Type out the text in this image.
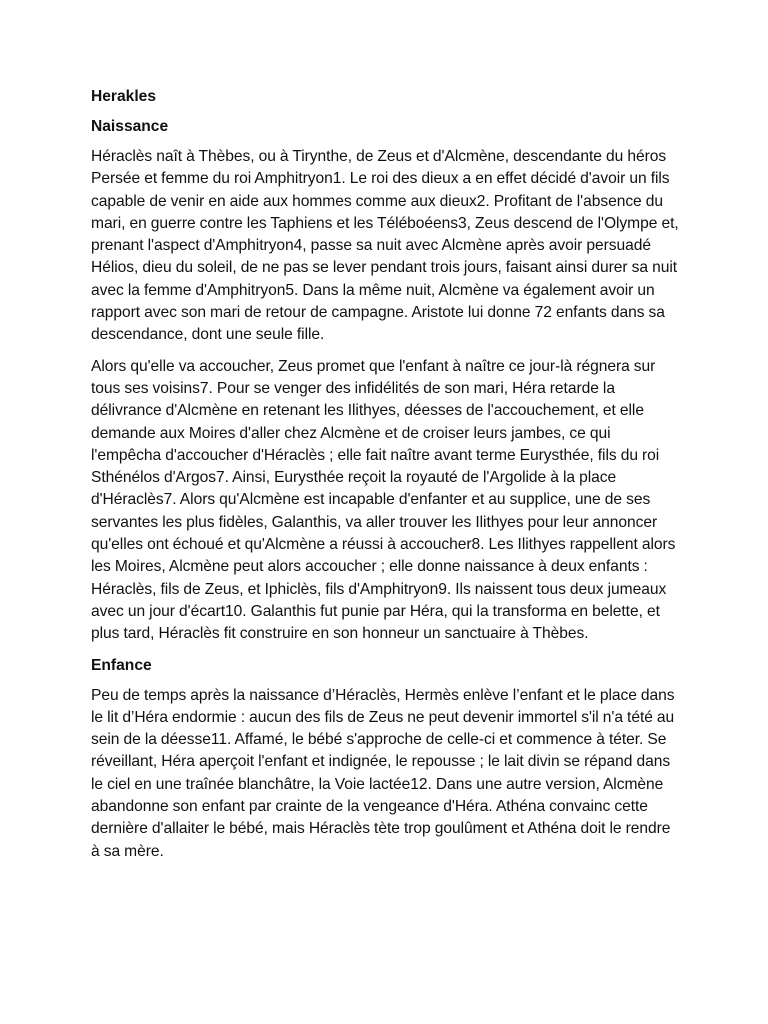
Herakles
Naissance

Héraclès naît à Thèbes, ou à Tirynthe, de Zeus et d'Alcmène, descendante du héros Persée et femme du roi Amphitryon1. Le roi des dieux a en effet décidé d'avoir un fils capable de venir en aide aux hommes comme aux dieux2. Profitant de l'absence du mari, en guerre contre les Taphiens et les Téléboéens3, Zeus descend de l'Olympe et, prenant l'aspect d'Amphitryon4, passe sa nuit avec Alcmène après avoir persuadé Hélios, dieu du soleil, de ne pas se lever pendant trois jours, faisant ainsi durer sa nuit avec la femme d'Amphitryon5. Dans la même nuit, Alcmène va également avoir un rapport avec son mari de retour de campagne. Aristote lui donne 72 enfants dans sa descendance, dont une seule fille.

Alors qu'elle va accoucher, Zeus promet que l'enfant à naître ce jour-là régnera sur tous ses voisins7. Pour se venger des infidélités de son mari, Héra retarde la délivrance d'Alcmène en retenant les Ilithyes, déesses de l'accouchement, et elle demande aux Moires d'aller chez Alcmène et de croiser leurs jambes, ce qui l'empêcha d'accoucher d'Héraclès ; elle fait naître avant terme Eurysthée, fils du roi Sthénélos d'Argos7. Ainsi, Eurysthée reçoit la royauté de l'Argolide à la place d'Héraclès7. Alors qu'Alcmène est incapable d'enfanter et au supplice, une de ses servantes les plus fidèles, Galanthis, va aller trouver les Ilithyes pour leur annoncer qu'elles ont échoué et qu'Alcmène a réussi à accoucher8. Les Ilithyes rappellent alors les Moires, Alcmène peut alors accoucher ; elle donne naissance à deux enfants : Héraclès, fils de Zeus, et Iphiclès, fils d'Amphitryon9. Ils naissent tous deux jumeaux avec un jour d'écart10. Galanthis fut punie par Héra, qui la transforma en belette, et plus tard, Héraclès fit construire en son honneur un sanctuaire à Thèbes.

Enfance

Peu de temps après la naissance d’Héraclès, Hermès enlève l’enfant et le place dans le lit d’Héra endormie : aucun des fils de Zeus ne peut devenir immortel s'il n'a tété au sein de la déesse11. Affamé, le bébé s'approche de celle-ci et commence à téter. Se réveillant, Héra aperçoit l'enfant et indignée, le repousse ; le lait divin se répand dans le ciel en une traînée blanchâtre, la Voie lactée12. Dans une autre version, Alcmène abandonne son enfant par crainte de la vengeance d'Héra. Athéna convainc cette dernière d'allaiter le bébé, mais Héraclès tète trop goulûment et Athéna doit le rendre à sa mère.
